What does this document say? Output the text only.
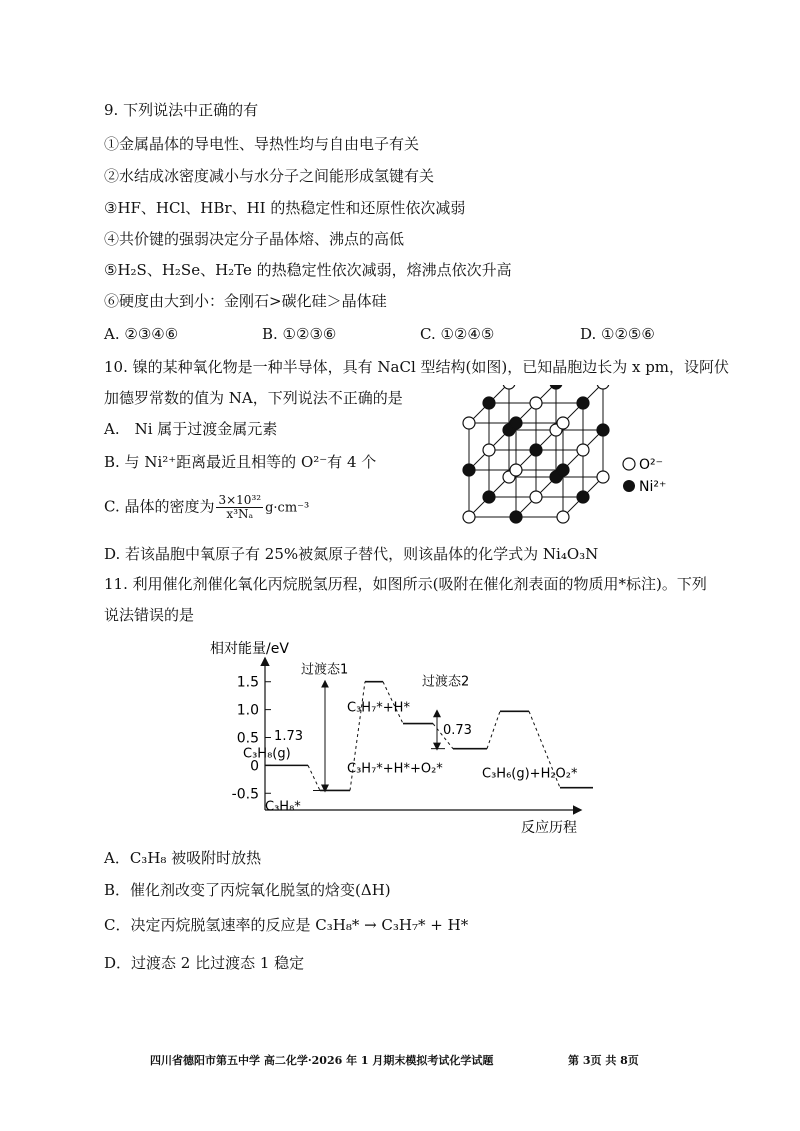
9. 下列说法中正确的有
①金属晶体的导电性、导热性均与自由电子有关
②水结成冰密度减小与水分子之间能形成氢键有关
③HF、HCl、HBr、HI 的热稳定性和还原性依次减弱
④共价键的强弱决定分子晶体熔、沸点的高低
⑤H₂S、H₂Se、H₂Te 的热稳定性依次减弱，熔沸点依次升高
⑥硬度由大到小：金刚石>碳化硅＞晶体硅
A. ②③④⑥	B. ①②③⑥	C. ①②④⑤	D. ①②⑤⑥
10. 镍的某种氧化物是一种半导体，具有 NaCl 型结构(如图)，已知晶胞边长为 x pm，设阿伏
加德罗常数的值为 NA，下列说法不正确的是
A.　Ni 属于过渡金属元素
B. 与 Ni²⁺距离最近且相等的 O²⁻有 4 个
C. 晶体的密度为 $\frac{\text{3×10³²}}{\text{x³Nₐ}} g\cdot cm^{-3}$
D. 若该晶胞中氧原子有 25%被氮原子替代，则该晶体的化学式为 Ni₄O₃N
O²⁻
Ni²⁺
11. 利用催化剂催化氧化丙烷脱氢历程，如图所示(吸附在催化剂表面的物质用*标注)。下列
说法错误的是
相对能量/eV
反应历程
1.5
1.0
0.5
0
-0.5
C₃H₈(g)
C₃H₈*
过渡态1
C₃H₇*+H*
C₃H₇*+H*+O₂*
过渡态2
C₃H₆(g)+H₂O₂*
1.73	0.73
A．C₃H₈ 被吸附时放热
B．催化剂改变了丙烷氧化脱氢的焓变(ΔH)
C．决定丙烷脱氢速率的反应是 C₃H₈* → C₃H₇* + H*
D．过渡态 2 比过渡态 1 稳定
四川省德阳市第五中学 高二化学·2026 年 1 月期末模拟考试化学试题	第 3页 共 8页
